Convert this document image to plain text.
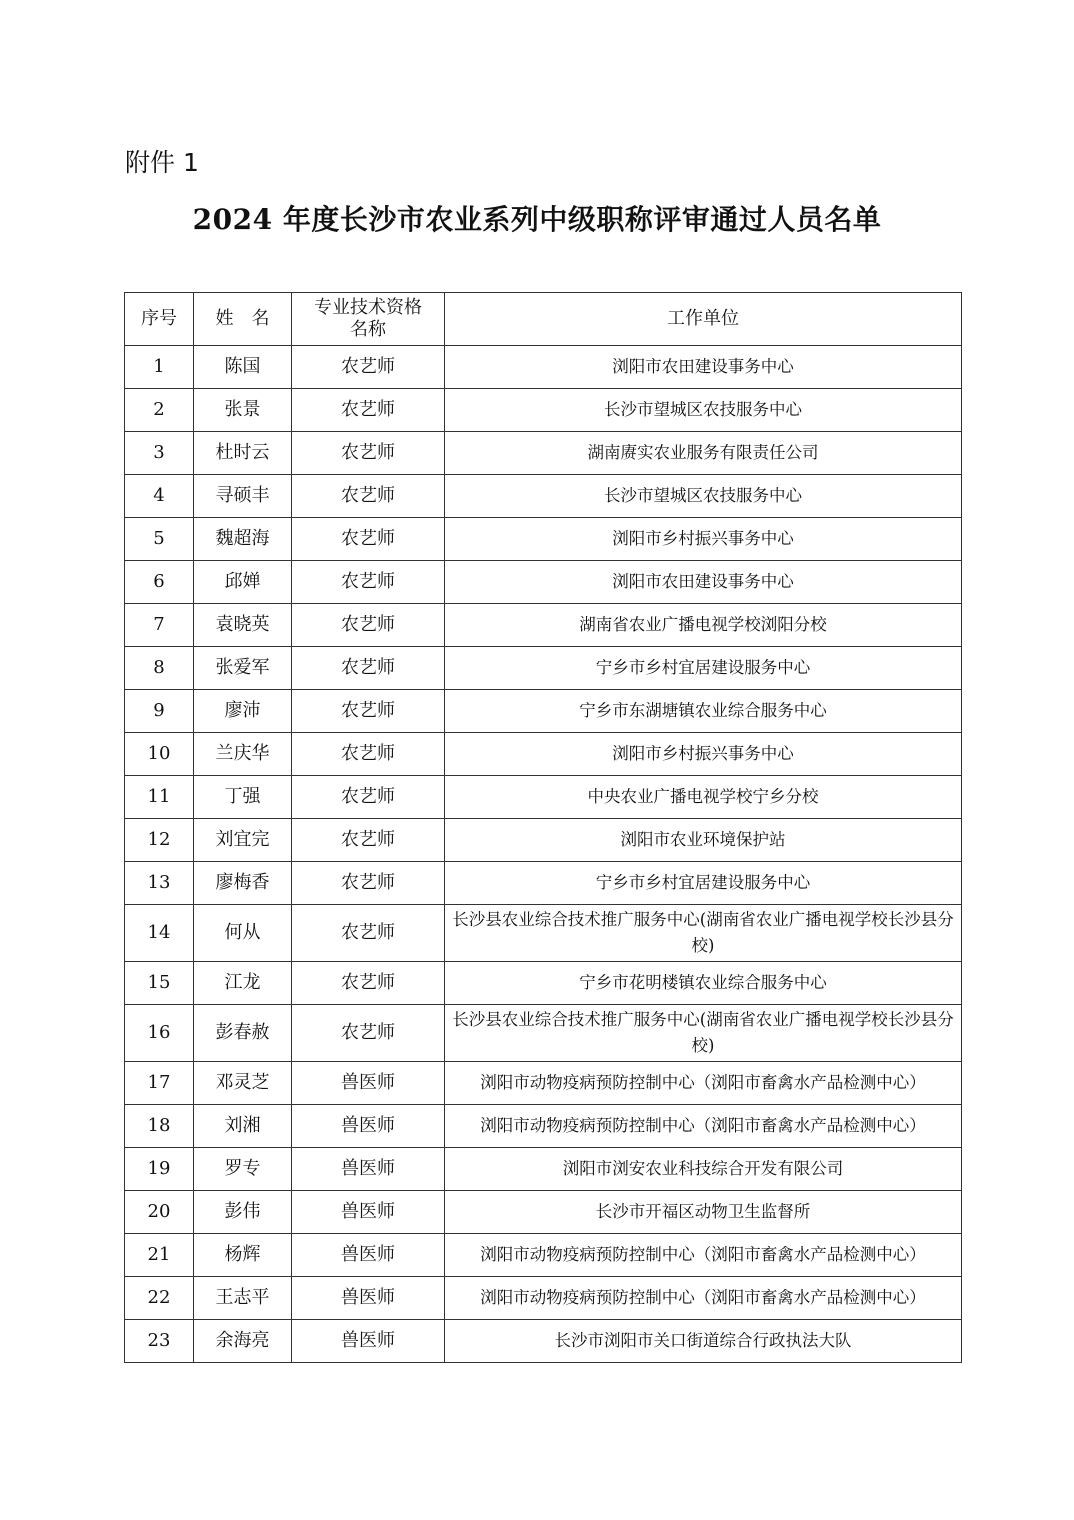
附件 1
2024 年度长沙市农业系列中级职称评审通过人员名单
序号	姓　名	专业技术资格名称	工作单位
1	陈国	农艺师	浏阳市农田建设事务中心
2	张景	农艺师	长沙市望城区农技服务中心
3	杜时云	农艺师	湖南赓实农业服务有限责任公司
4	寻硕丰	农艺师	长沙市望城区农技服务中心
5	魏超海	农艺师	浏阳市乡村振兴事务中心
6	邱婵	农艺师	浏阳市农田建设事务中心
7	袁晓英	农艺师	湖南省农业广播电视学校浏阳分校
8	张爱军	农艺师	宁乡市乡村宜居建设服务中心
9	廖沛	农艺师	宁乡市东湖塘镇农业综合服务中心
10	兰庆华	农艺师	浏阳市乡村振兴事务中心
11	丁强	农艺师	中央农业广播电视学校宁乡分校
12	刘宜完	农艺师	浏阳市农业环境保护站
13	廖梅香	农艺师	宁乡市乡村宜居建设服务中心
14	何从	农艺师	长沙县农业综合技术推广服务中心(湖南省农业广播电视学校长沙县分校)
15	江龙	农艺师	宁乡市花明楼镇农业综合服务中心
16	彭春赦	农艺师	长沙县农业综合技术推广服务中心(湖南省农业广播电视学校长沙县分校)
17	邓灵芝	兽医师	浏阳市动物疫病预防控制中心（浏阳市畜禽水产品检测中心）
18	刘湘	兽医师	浏阳市动物疫病预防控制中心（浏阳市畜禽水产品检测中心）
19	罗专	兽医师	浏阳市浏安农业科技综合开发有限公司
20	彭伟	兽医师	长沙市开福区动物卫生监督所
21	杨辉	兽医师	浏阳市动物疫病预防控制中心（浏阳市畜禽水产品检测中心）
22	王志平	兽医师	浏阳市动物疫病预防控制中心（浏阳市畜禽水产品检测中心）
23	余海亮	兽医师	长沙市浏阳市关口街道综合行政执法大队
